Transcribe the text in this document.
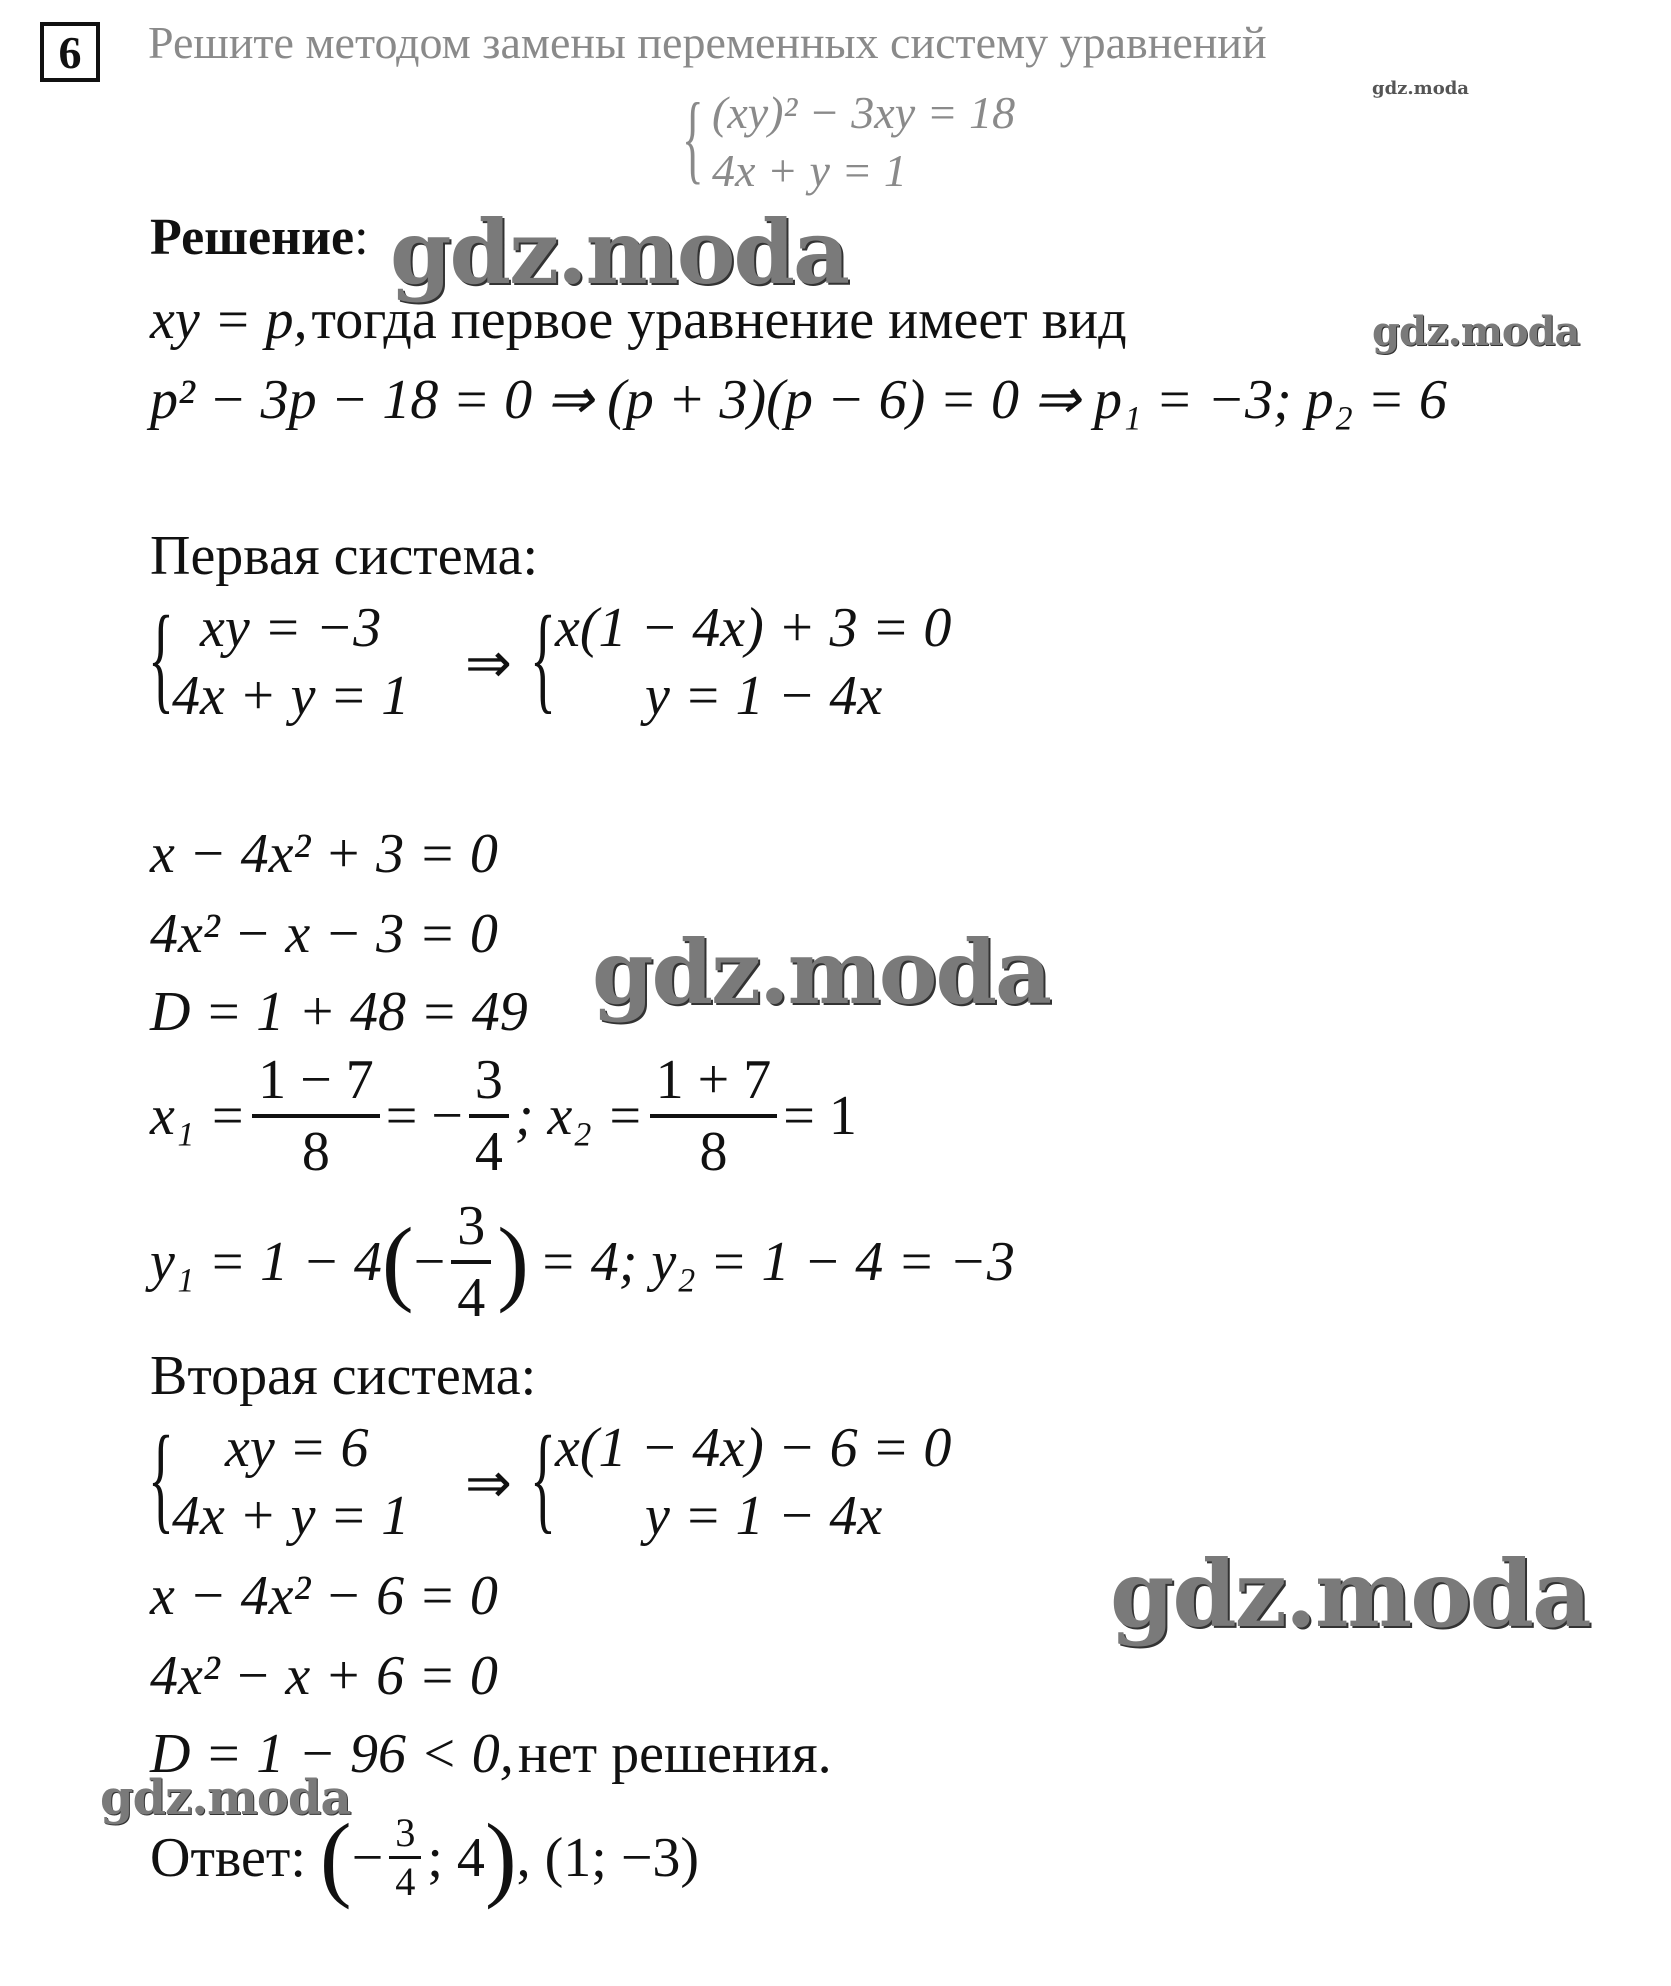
6	Решите методом замены переменных систему уравнений
{ (xy)² − 3xy = 18
4x + y = 1
Решение:
xy = p, тогда первое уравнение имеет вид
p² − 3p − 18 = 0 ⇒ (p + 3)(p − 6) = 0 ⇒ p₁ = −3; p₂ = 6
Первая система:
{ xy = −3
4x + y = 1
⇒ { x(1 − 4x) + 3 = 0
y = 1 − 4x
x − 4x² + 3 = 0
4x² − x − 3 = 0
D = 1 + 48 = 49
$x_1 = \frac{1 - 7}{8}$ = − $\frac{3}{4}$ ; $x_2 = \frac{1 + 7}{8} = 1$
y₁ = 1 − 4 ( − $\frac{3}{4}$ ) = 4; y₂ = 1 − 4 = −3
Вторая система:
{ xy = 6
4x + y = 1
⇒ { x(1 − 4x) − 6 = 0
y = 1 − 4x
x − 4x² − 6 = 0
4x² − x + 6 = 0
D = 1 − 96 < 0, нет решения.
Ответ: ( − $\frac{3}{4}$ ; 4 ) , (1; −3)
gdz.moda
gdz.moda
gdz.moda
gdz.moda
gdz.moda
gdz.moda
